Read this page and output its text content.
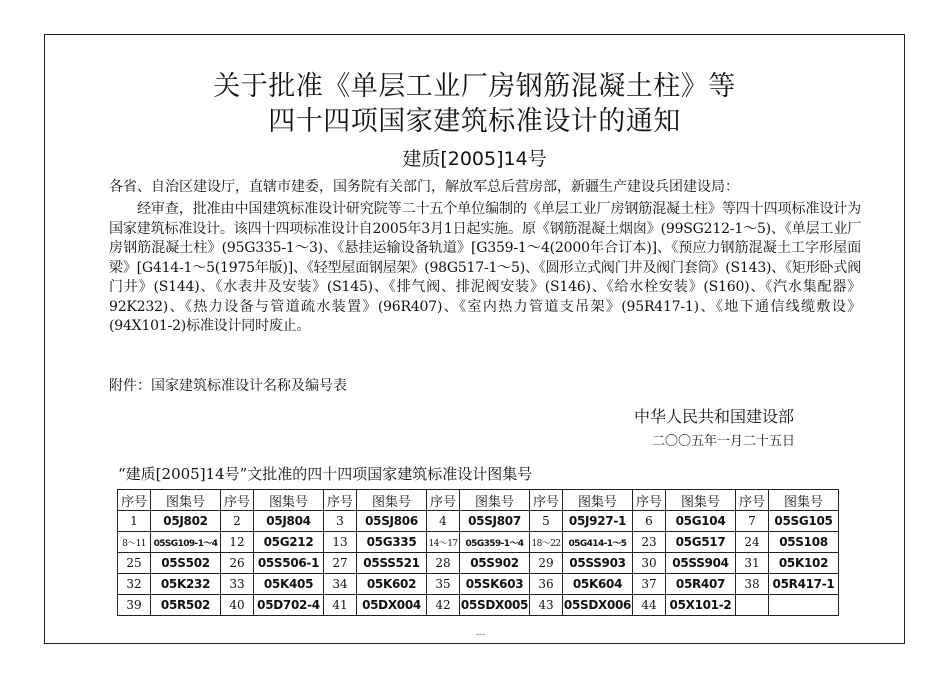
关于批准《单层工业厂房钢筋混凝土柱》等
四十四项国家建筑标准设计的通知
建质[2005]14号
各省、自治区建设厅，直辖市建委，国务院有关部门，解放军总后营房部，新疆生产建设兵团建设局：
经审查，批准由中国建筑标准设计研究院等二十五个单位编制的《单层工业厂房钢筋混凝土柱》等四十四项标准设计为国家建筑标准设计。该四十四项标准设计自2005年3月1日起实施。原《钢筋混凝土烟囱》(99SG212-1～5)、《单层工业厂房钢筋混凝土柱》(95G335-1～3)、《悬挂运输设备轨道》[G359-1～4(2000年合订本)]、《预应力钢筋混凝土工字形屋面梁》[G414-1～5(1975年版)]、《轻型屋面钢屋架》(98G517-1～5)、《圆形立式阀门井及阀门套筒》(S143)、《矩形卧式阀门井》(S144)、《水表井及安装》(S145)、《排气阀、排泥阀安装》(S146)、《给水栓安装》(S160)、《汽水集配器》92K232)、《热力设备与管道疏水装置》(96R407)、《室内热力管道支吊架》(95R417-1)、《地下通信线缆敷设》(94X101-2)标准设计同时废止。
附件：国家建筑标准设计名称及编号表
中华人民共和国建设部
二〇〇五年一月二十五日
“建质[2005]14号”文批准的四十四项国家建筑标准设计图集号
序号	图集号	序号	图集号	序号	图集号	序号	图集号	序号	图集号	序号	图集号	序号	图集号
1	05J802	2	05J804	3	05SJ806	4	05SJ807	5	05J927-1	6	05G104	7	05SG105
8～11	05SG109-1～4	12	05G212	13	05G335	14～17	05G359-1～4	18～22	05G414-1～5	23	05G517	24	05S108
25	05S502	26	05S506-1	27	05SS521	28	05S902	29	05SS903	30	05SS904	31	05K102
32	05K232	33	05K405	34	05K602	35	05SK603	36	05K604	37	05R407	38	05R417-1
39	05R502	40	05D702-4	41	05DX004	42	05SDX005	43	05SDX006	44	05X101-2		
---
